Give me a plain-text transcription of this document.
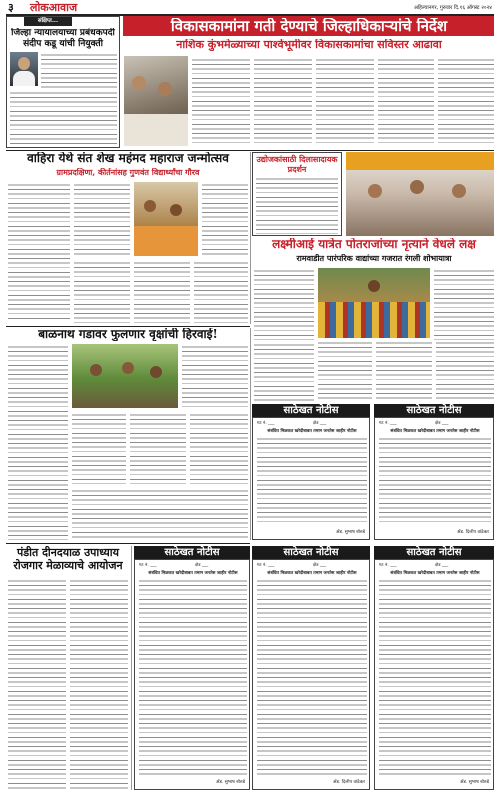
३ लोकआवाज	अहिल्यानगर, गुरुवार दि.१६ ऑगस्ट २०२४
संक्षिप्त...
जिल्हा न्यायालयाच्या प्रबंधकपदी संदीप कडू यांची नियुक्ती
विकासकामांना गती देण्याचे जिल्हाधिकाऱ्यांचे निर्देश
नाशिक कुंभमेळ्याच्या पार्श्वभूमीवर विकासकामांचा सविस्तर आढावा
वाहिरा येथे संत शेख महंमद महाराज जन्मोत्सव
ग्रामप्रदक्षिणा, कीर्तनांसह गुणवंत विद्यार्थ्यांचा गौरव
उद्योजकांसाठी दिलासादायक प्रदर्शन
लक्ष्मीआई यात्रेत पोतराजांच्या नृत्याने वेधले लक्ष
रामवाडीत पारंपरिक वाद्यांच्या गजरात रंगली शोभायात्रा
बाळनाथ गडावर फुलणार वृक्षांची हिरवाई!
साठेखत नोटीस	साठेखत नोटीस
गट नं. ___	क्षेत्र ___
संबंधित मिळकत खरेदीबाबत तमाम जनतेस जाहीर नोटीस
ॲड. सुभाष बोरुडे
गट नं. ___	क्षेत्र ___
संबंधित मिळकत खरेदीबाबत तमाम जनतेस जाहीर नोटीस
ॲड. दिलीप वांढेकर
पंडीत दीनदयाळ उपाध्याय रोजगार मेळाव्याचे आयोजन
साठेखत नोटीस	साठेखत नोटीस	साठेखत नोटीस
गट नं. ___	क्षेत्र ___
संबंधित मिळकत खरेदीबाबत तमाम जनतेस जाहीर नोटीस
ॲड. सुभाष बोरुडे
गट नं. ___	क्षेत्र ___
संबंधित मिळकत खरेदीबाबत तमाम जनतेस जाहीर नोटीस
ॲड. दिलीप वांढेकर
गट नं. ___	क्षेत्र ___
संबंधित मिळकत खरेदीबाबत तमाम जनतेस जाहीर नोटीस
ॲड. सुभाष बोरुडे
